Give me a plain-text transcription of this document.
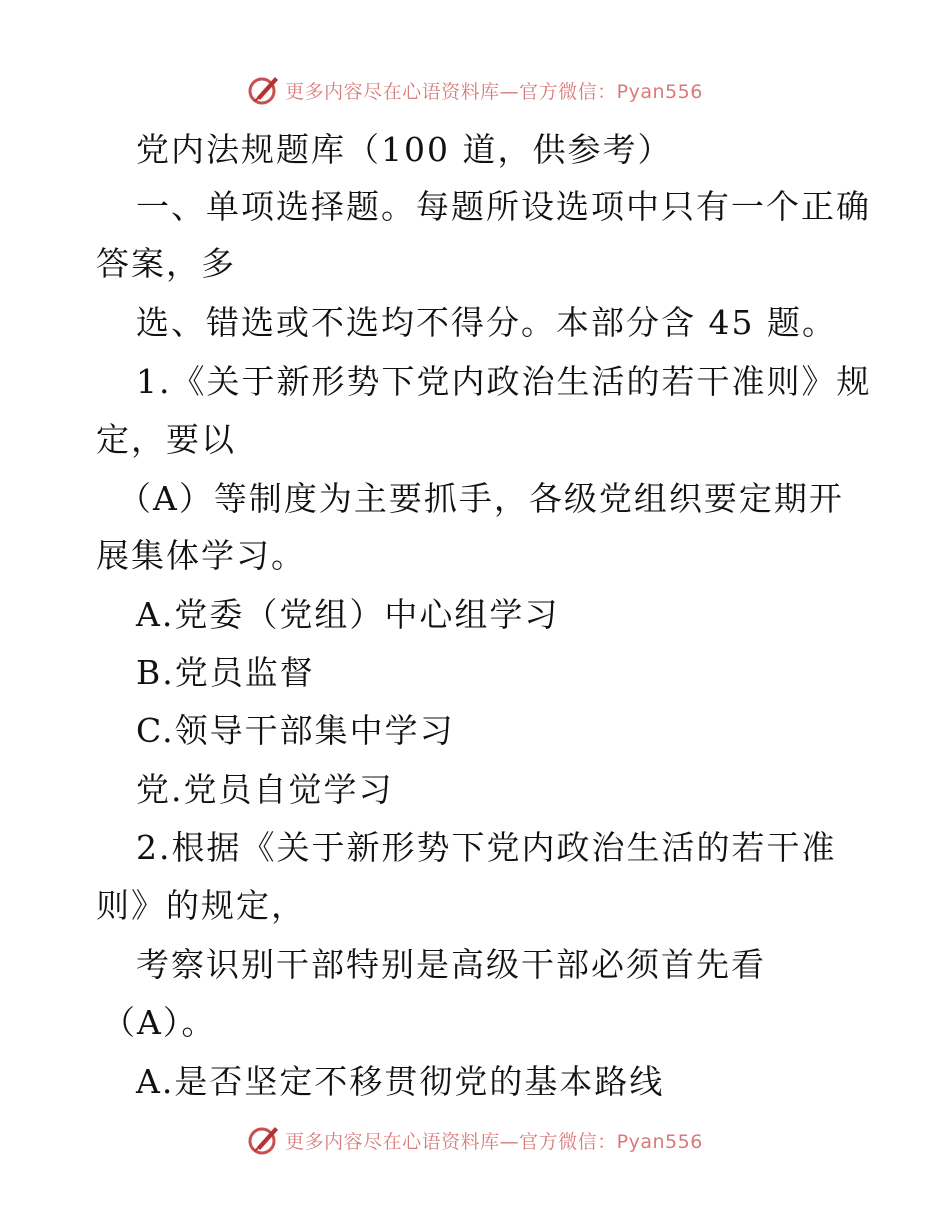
更多内容尽在心语资料库—官方微信：Pyan556
党内法规题库（100 道，供参考）
一、单项选择题。每题所设选项中只有一个正确
答案，多
选、错选或不选均不得分。本部分含 45 题。
1.《关于新形势下党内政治生活的若干准则》规
定，要以
（A）等制度为主要抓手，各级党组织要定期开
展集体学习。
A.党委（党组）中心组学习
B.党员监督
C.领导干部集中学习
党.党员自觉学习
2.根据《关于新形势下党内政治生活的若干准
则》的规定，
考察识别干部特别是高级干部必须首先看
（A）。
A.是否坚定不移贯彻党的基本路线
更多内容尽在心语资料库—官方微信：Pyan556
